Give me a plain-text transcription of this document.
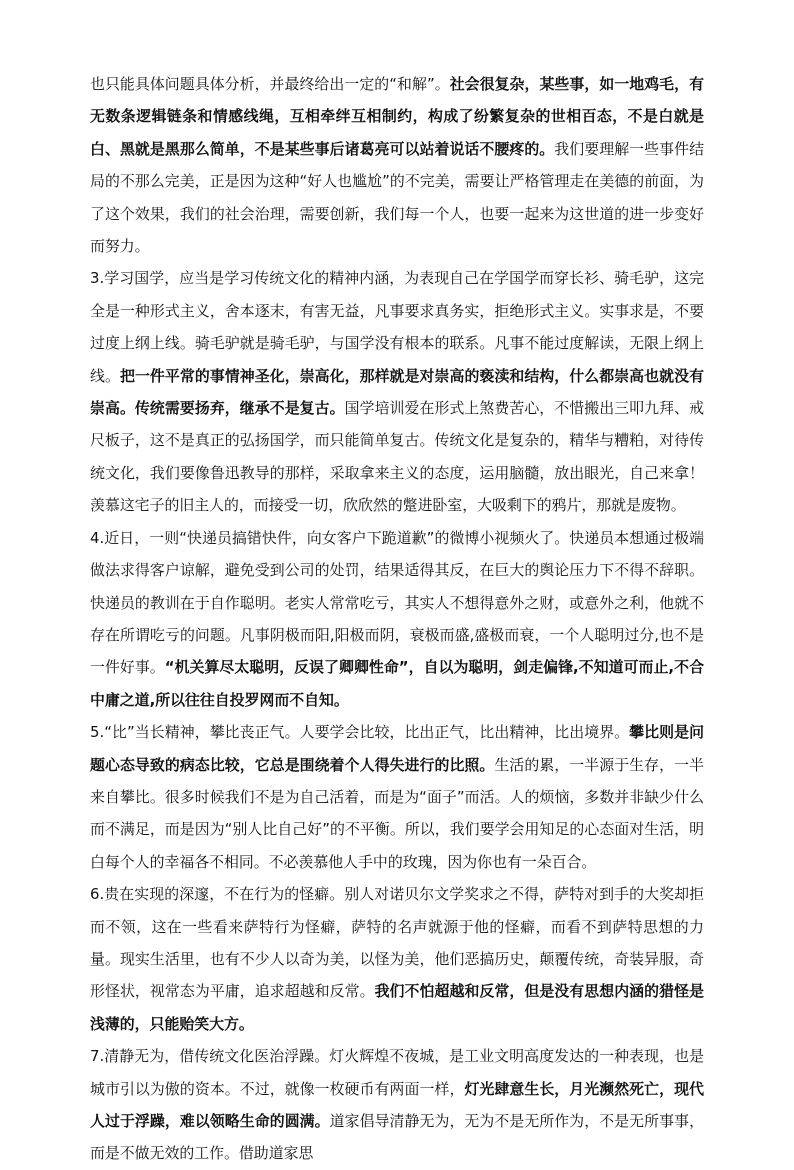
也只能具体问题具体分析，并最终给出一定的“和解”。社会很复杂，某些事，如一地鸡毛，有无数条逻辑链条和情感线绳，互相牵绊互相制约，构成了纷繁复杂的世相百态，不是白就是白、黑就是黑那么简单，不是某些事后诸葛亮可以站着说话不腰疼的。我们要理解一些事件结局的不那么完美，正是因为这种“好人也尴尬”的不完美，需要让严格管理走在美德的前面，为了这个效果，我们的社会治理，需要创新，我们每一个人，也要一起来为这世道的进一步变好而努力。

3.学习国学，应当是学习传统文化的精神内涵，为表现自己在学国学而穿长衫、骑毛驴，这完全是一种形式主义，舍本逐末，有害无益，凡事要求真务实，拒绝形式主义。实事求是，不要过度上纲上线。骑毛驴就是骑毛驴，与国学没有根本的联系。凡事不能过度解读，无限上纲上线。把一件平常的事情神圣化，崇高化，那样就是对崇高的亵渎和结构，什么都崇高也就没有崇高。传统需要扬弃，继承不是复古。国学培训爱在形式上煞费苦心，不惜搬出三叩九拜、戒尺板子，这不是真正的弘扬国学，而只能简单复古。传统文化是复杂的，精华与糟粕，对待传统文化，我们要像鲁迅教导的那样，采取拿来主义的态度，运用脑髓，放出眼光，自己来拿！羡慕这宅子的旧主人的，而接受一切，欣欣然的蹩进卧室，大吸剩下的鸦片，那就是废物。

4.近日，一则“快递员搞错快件，向女客户下跪道歉”的微博小视频火了。快递员本想通过极端做法求得客户谅解，避免受到公司的处罚，结果适得其反，在巨大的舆论压力下不得不辞职。快递员的教训在于自作聪明。老实人常常吃亏，其实人不想得意外之财，或意外之利，他就不存在所谓吃亏的问题。凡事阴极而阳,阳极而阴，衰极而盛,盛极而衰，一个人聪明过分,也不是一件好事。“机关算尽太聪明，反误了卿卿性命”，自以为聪明，剑走偏锋,不知道可而止,不合中庸之道,所以往往自投罗网而不自知。

5.“比”当长精神，攀比丧正气。人要学会比较，比出正气，比出精神，比出境界。攀比则是问题心态导致的病态比较，它总是围绕着个人得失进行的比照。生活的累，一半源于生存，一半来自攀比。很多时候我们不是为自己活着，而是为“面子”而活。人的烦恼，多数并非缺少什么而不满足，而是因为“别人比自己好”的不平衡。所以，我们要学会用知足的心态面对生活，明白每个人的幸福各不相同。不必羡慕他人手中的玫瑰，因为你也有一朵百合。

6.贵在实现的深邃，不在行为的怪癖。别人对诺贝尔文学奖求之不得，萨特对到手的大奖却拒而不领，这在一些看来萨特行为怪癖，萨特的名声就源于他的怪癖，而看不到萨特思想的力量。现实生活里，也有不少人以奇为美，以怪为美，他们恶搞历史，颠覆传统，奇装异服，奇形怪状，视常态为平庸，追求超越和反常。我们不怕超越和反常，但是没有思想内涵的猎怪是浅薄的，只能贻笑大方。

7.清静无为，借传统文化医治浮躁。灯火辉煌不夜城，是工业文明高度发达的一种表现，也是城市引以为傲的资本。不过，就像一枚硬币有两面一样，灯光肆意生长，月光濒然死亡，现代人过于浮躁，难以领略生命的圆满。道家倡导清静无为，无为不是无所作为，不是无所事事，而是不做无效的工作。借助道家思
